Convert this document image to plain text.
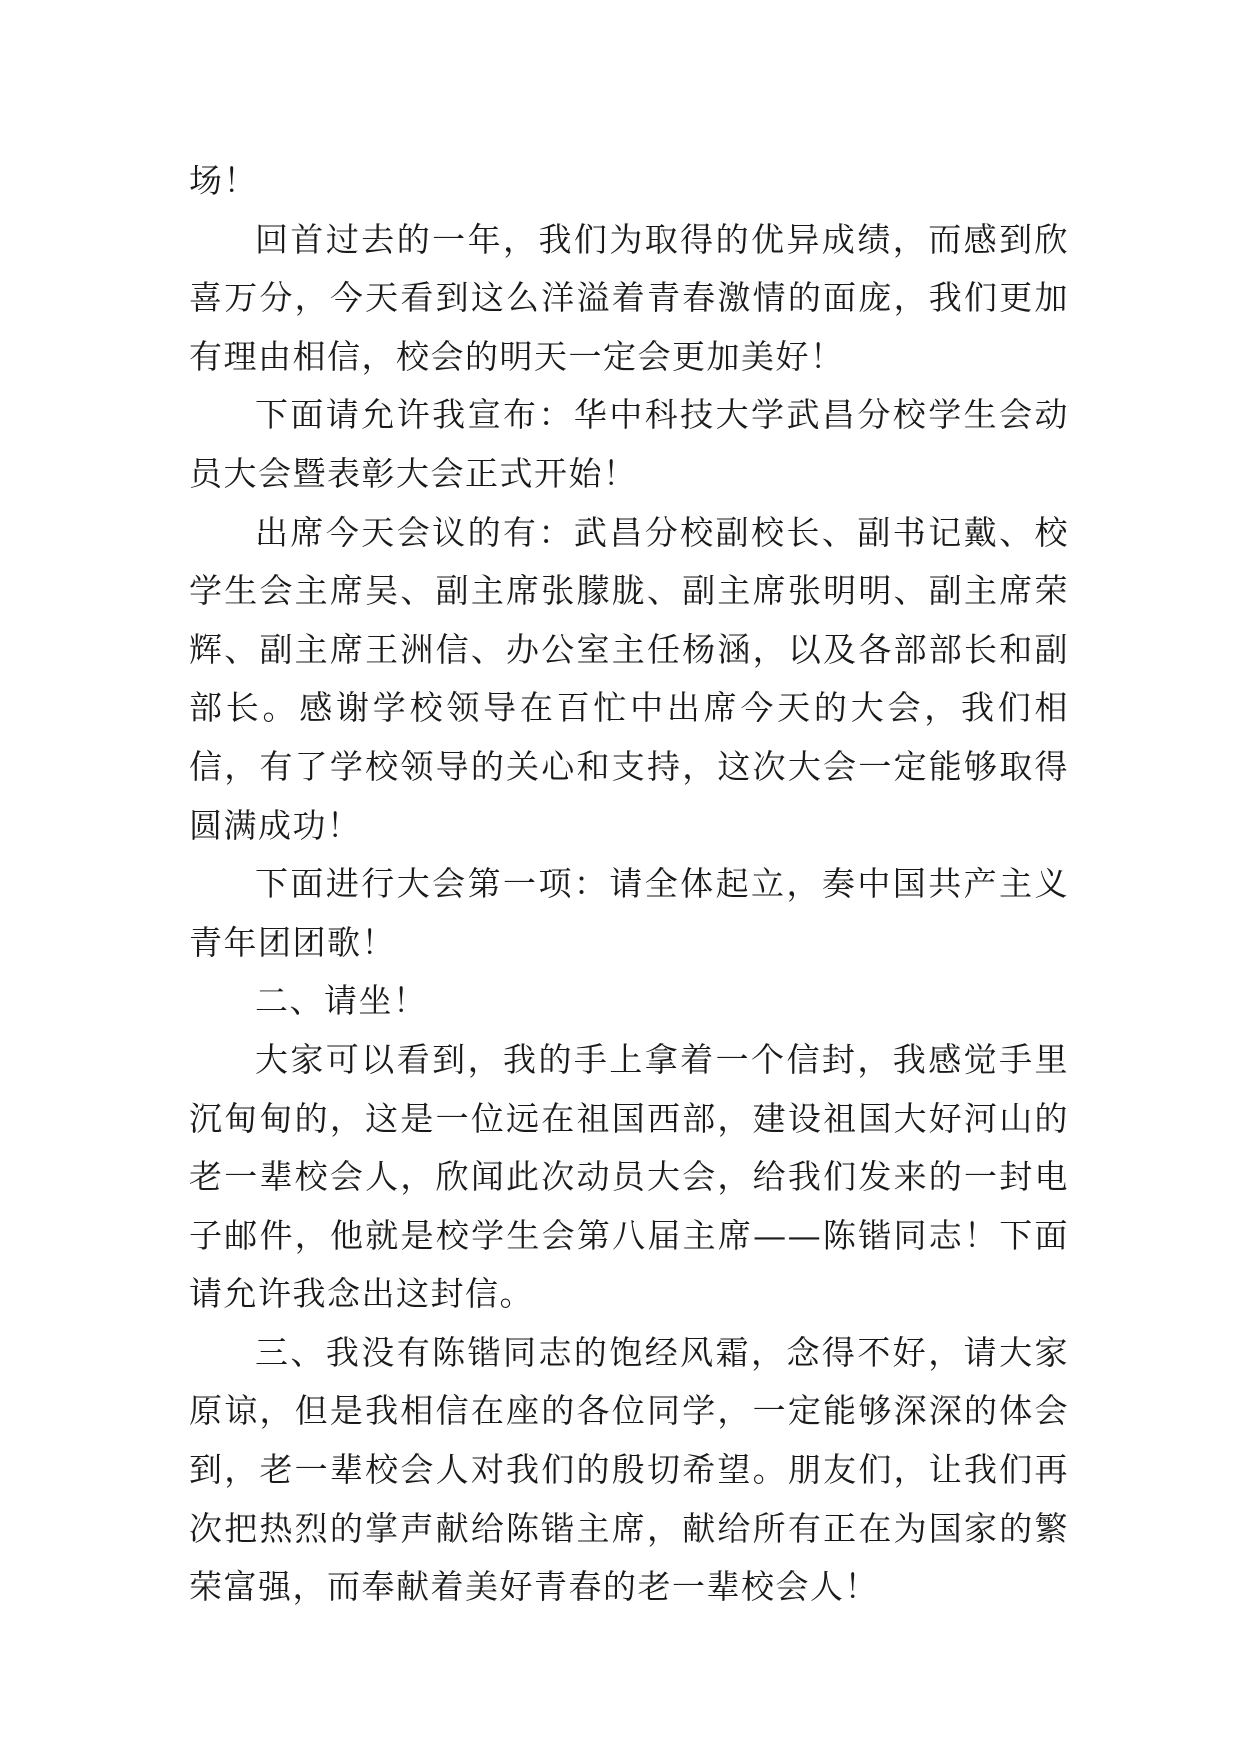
场！

回首过去的一年，我们为取得的优异成绩，而感到欣喜万分，今天看到这么洋溢着青春激情的面庞，我们更加有理由相信，校会的明天一定会更加美好！

下面请允许我宣布：华中科技大学武昌分校学生会动员大会暨表彰大会正式开始！

出席今天会议的有：武昌分校副校长、副书记戴、校学生会主席吴、副主席张朦胧、副主席张明明、副主席荣辉、副主席王洲信、办公室主任杨涵，以及各部部长和副部长。感谢学校领导在百忙中出席今天的大会，我们相信，有了学校领导的关心和支持，这次大会一定能够取得圆满成功！

下面进行大会第一项：请全体起立，奏中国共产主义青年团团歌！

二、请坐！

大家可以看到，我的手上拿着一个信封，我感觉手里沉甸甸的，这是一位远在祖国西部，建设祖国大好河山的老一辈校会人，欣闻此次动员大会，给我们发来的一封电子邮件，他就是校学生会第八届主席——陈锴同志！下面请允许我念出这封信。

三、我没有陈锴同志的饱经风霜，念得不好，请大家原谅，但是我相信在座的各位同学，一定能够深深的体会到，老一辈校会人对我们的殷切希望。朋友们，让我们再次把热烈的掌声献给陈锴主席，献给所有正在为国家的繁荣富强，而奉献着美好青春的老一辈校会人！
